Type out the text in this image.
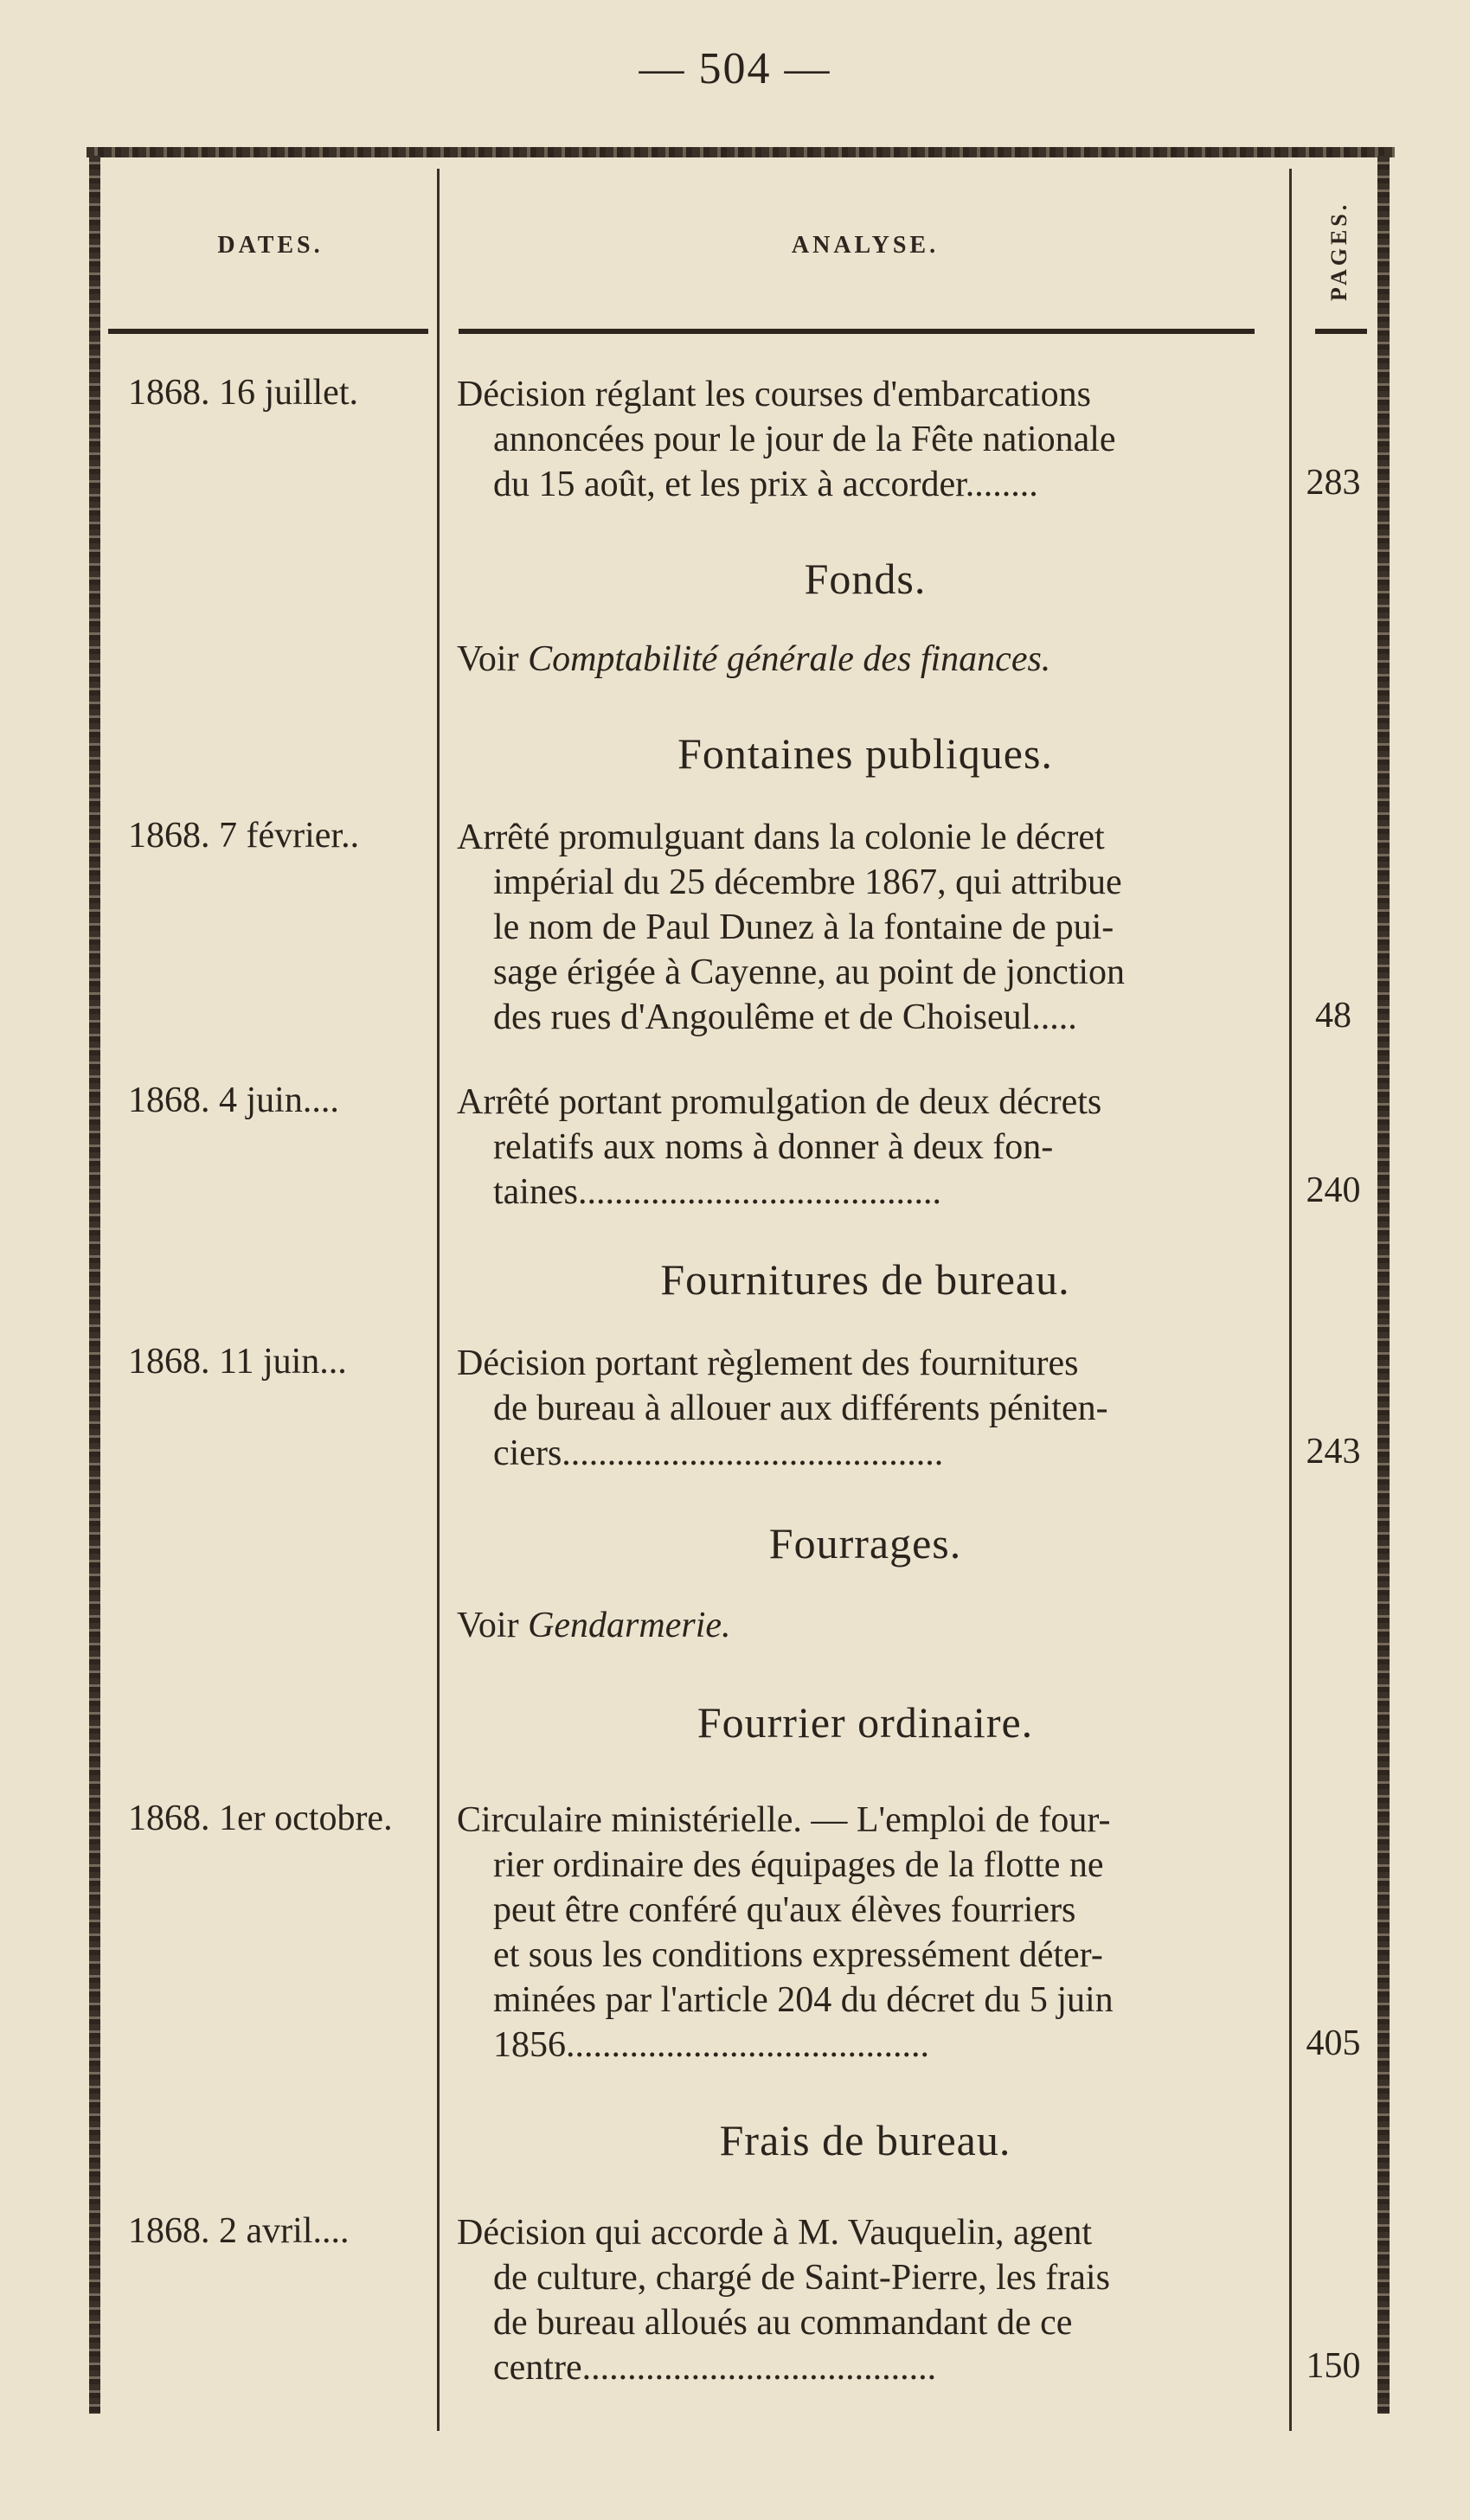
— 504 —
DATES.	ANALYSE.	PAGES.
1868. 16 juillet.	Décision réglant les courses d'embarcations
annoncées pour le jour de la Fête nationale
du 15 août, et les prix à accorder........	283
Fonds.
Voir Comptabilité générale des finances.
Fontaines publiques.
1868. 7 février..	Arrêté promulguant dans la colonie le décret
impérial du 25 décembre 1867, qui attribue
le nom de Paul Dunez à la fontaine de pui-
sage érigée à Cayenne, au point de jonction
des rues d'Angoulême et de Choiseul.....	48
1868. 4 juin....	Arrêté portant promulgation de deux décrets
relatifs aux noms à donner à deux fon-
taines........................................	240
Fournitures de bureau.
1868. 11 juin...	Décision portant règlement des fournitures
de bureau à allouer aux différents péniten-
ciers..........................................	243
Fourrages.
Voir Gendarmerie.
Fourrier ordinaire.
1868. 1er octobre.	Circulaire ministérielle. — L'emploi de four-
rier ordinaire des équipages de la flotte ne
peut être conféré qu'aux élèves fourriers
et sous les conditions expressément déter-
minées par l'article 204 du décret du 5 juin
1856........................................	405
Frais de bureau.
1868. 2 avril....	Décision qui accorde à M. Vauquelin, agent
de culture, chargé de Saint-Pierre, les frais
de bureau alloués au commandant de ce
centre.......................................	150
